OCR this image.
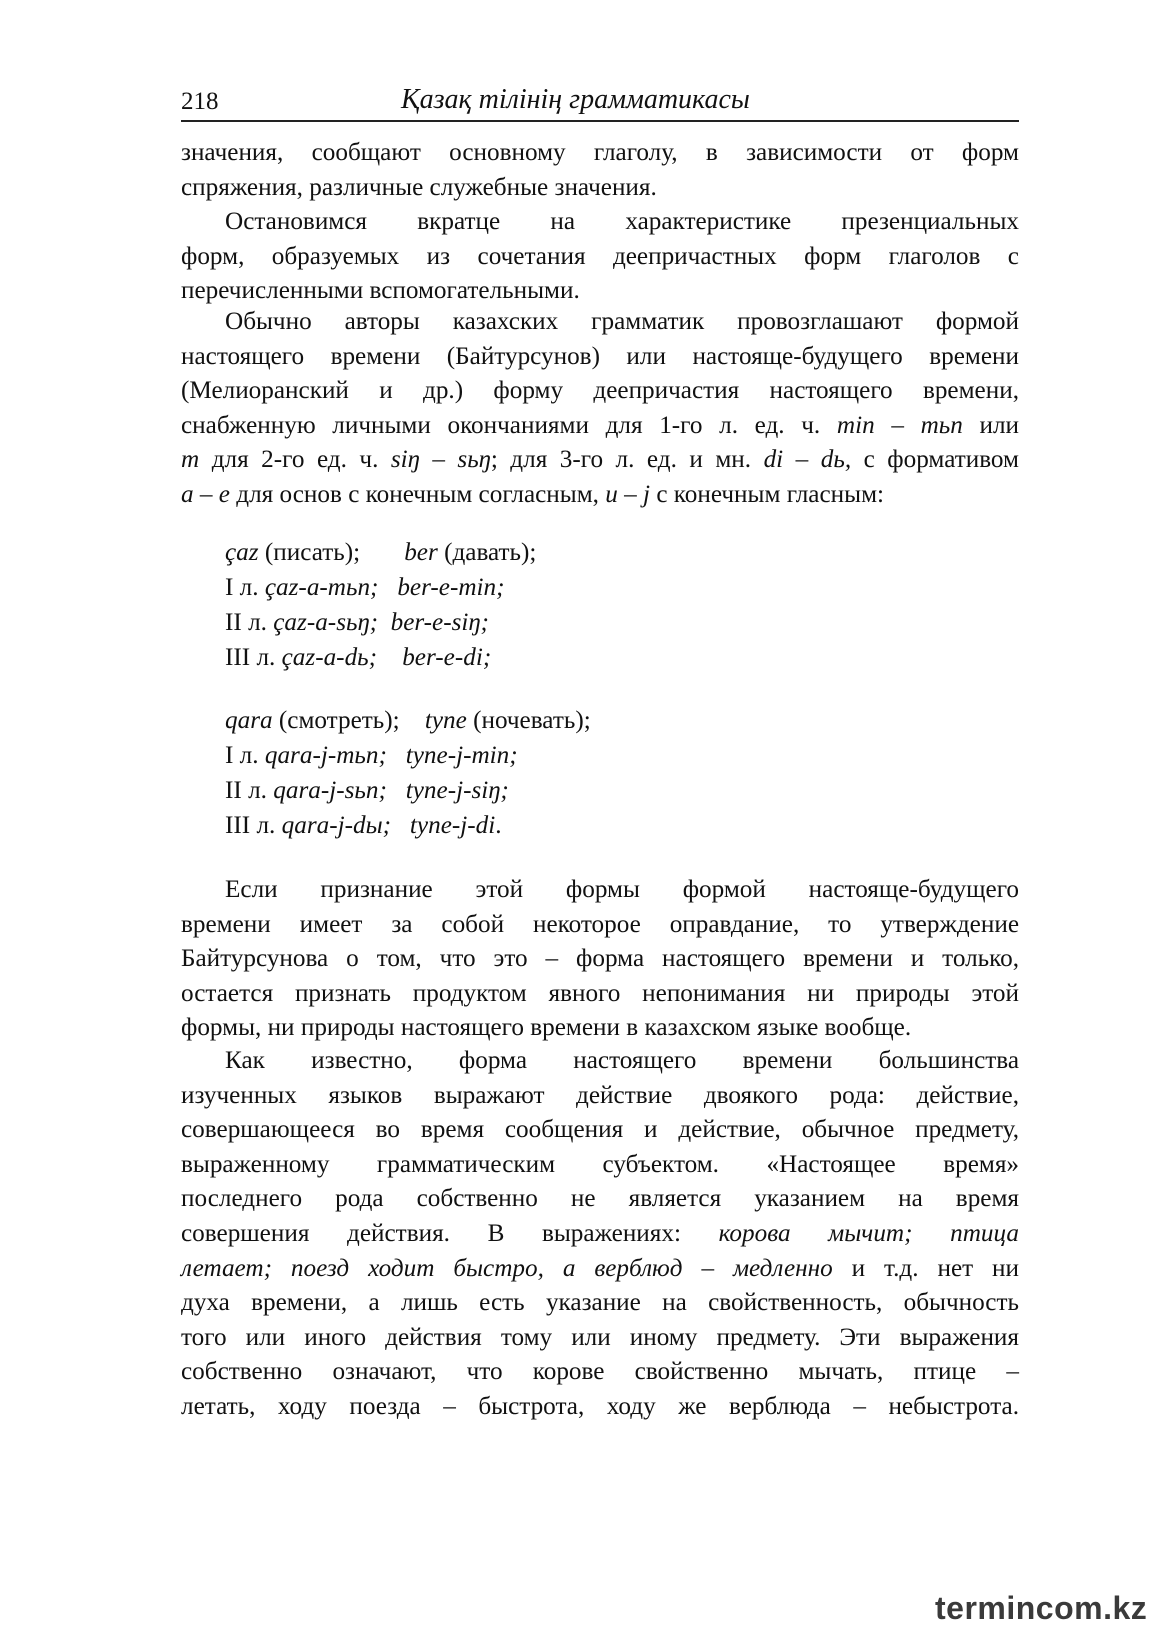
218	Қазақ тілінің грамматикасы

значения, сообщают основному глаголу, в зависимости от форм

спряжения, различные служебные значения.

Остановимся вкратце на характеристике презенциальных

форм, образуемых из сочетания деепричастных форм глаголов с

перечисленными вспомогательными.

Обычно авторы казахских грамматик провозглашают формой

настоящего времени (Байтурсунов) или настояще-будущего времени

(Мелиоранский и др.) форму деепричастия настоящего времени,

снабженную личными окончаниями для 1-го л. ед. ч. min – тьп или

m для 2-го ед. ч. siŋ – sьŋ; для 3-го л. ед. и мн. di – dь, с формативом

a – e для основ с конечным согласным, u – j с конечным гласным:

çaz (писать); ber (давать);
I л. çaz-a-тьп; ber-e-min;
II л. çaz-a-sьŋ; ber-e-siŋ;
III л. çaz-a-dь; ber-e-di;
qara (смотреть); tyne (ночевать);
I л. qara-j-тьп; tyne-j-min;
II л. qara-j-sьп; tyne-j-siŋ;
III л. qara-j-dы; tyne-j-di.

Если признание этой формы формой настояще-будущего

времени имеет за собой некоторое оправдание, то утверждение

Байтурсунова о том, что это – форма настоящего времени и только,

остается признать продуктом явного непонимания ни природы этой

формы, ни природы настоящего времени в казахском языке вообще.

Как известно, форма настоящего времени большинства

изученных языков выражают действие двоякого рода: действие,

совершающееся во время сообщения и действие, обычное предмету,

выраженному грамматическим субъектом. «Настоящее время»

последнего рода собственно не является указанием на время

совершения действия. В выражениях: корова мычит; птица

летает; поезд ходит быстро, а верблюд – медленно и т.д. нет ни

духа времени, а лишь есть указание на свойственность, обычность

того или иного действия тому или иному предмету. Эти выражения

собственно означают, что корове свойственно мычать, птице –

летать, ходу поезда – быстрота, ходу же верблюда – небыстрота.

termincom.kz
